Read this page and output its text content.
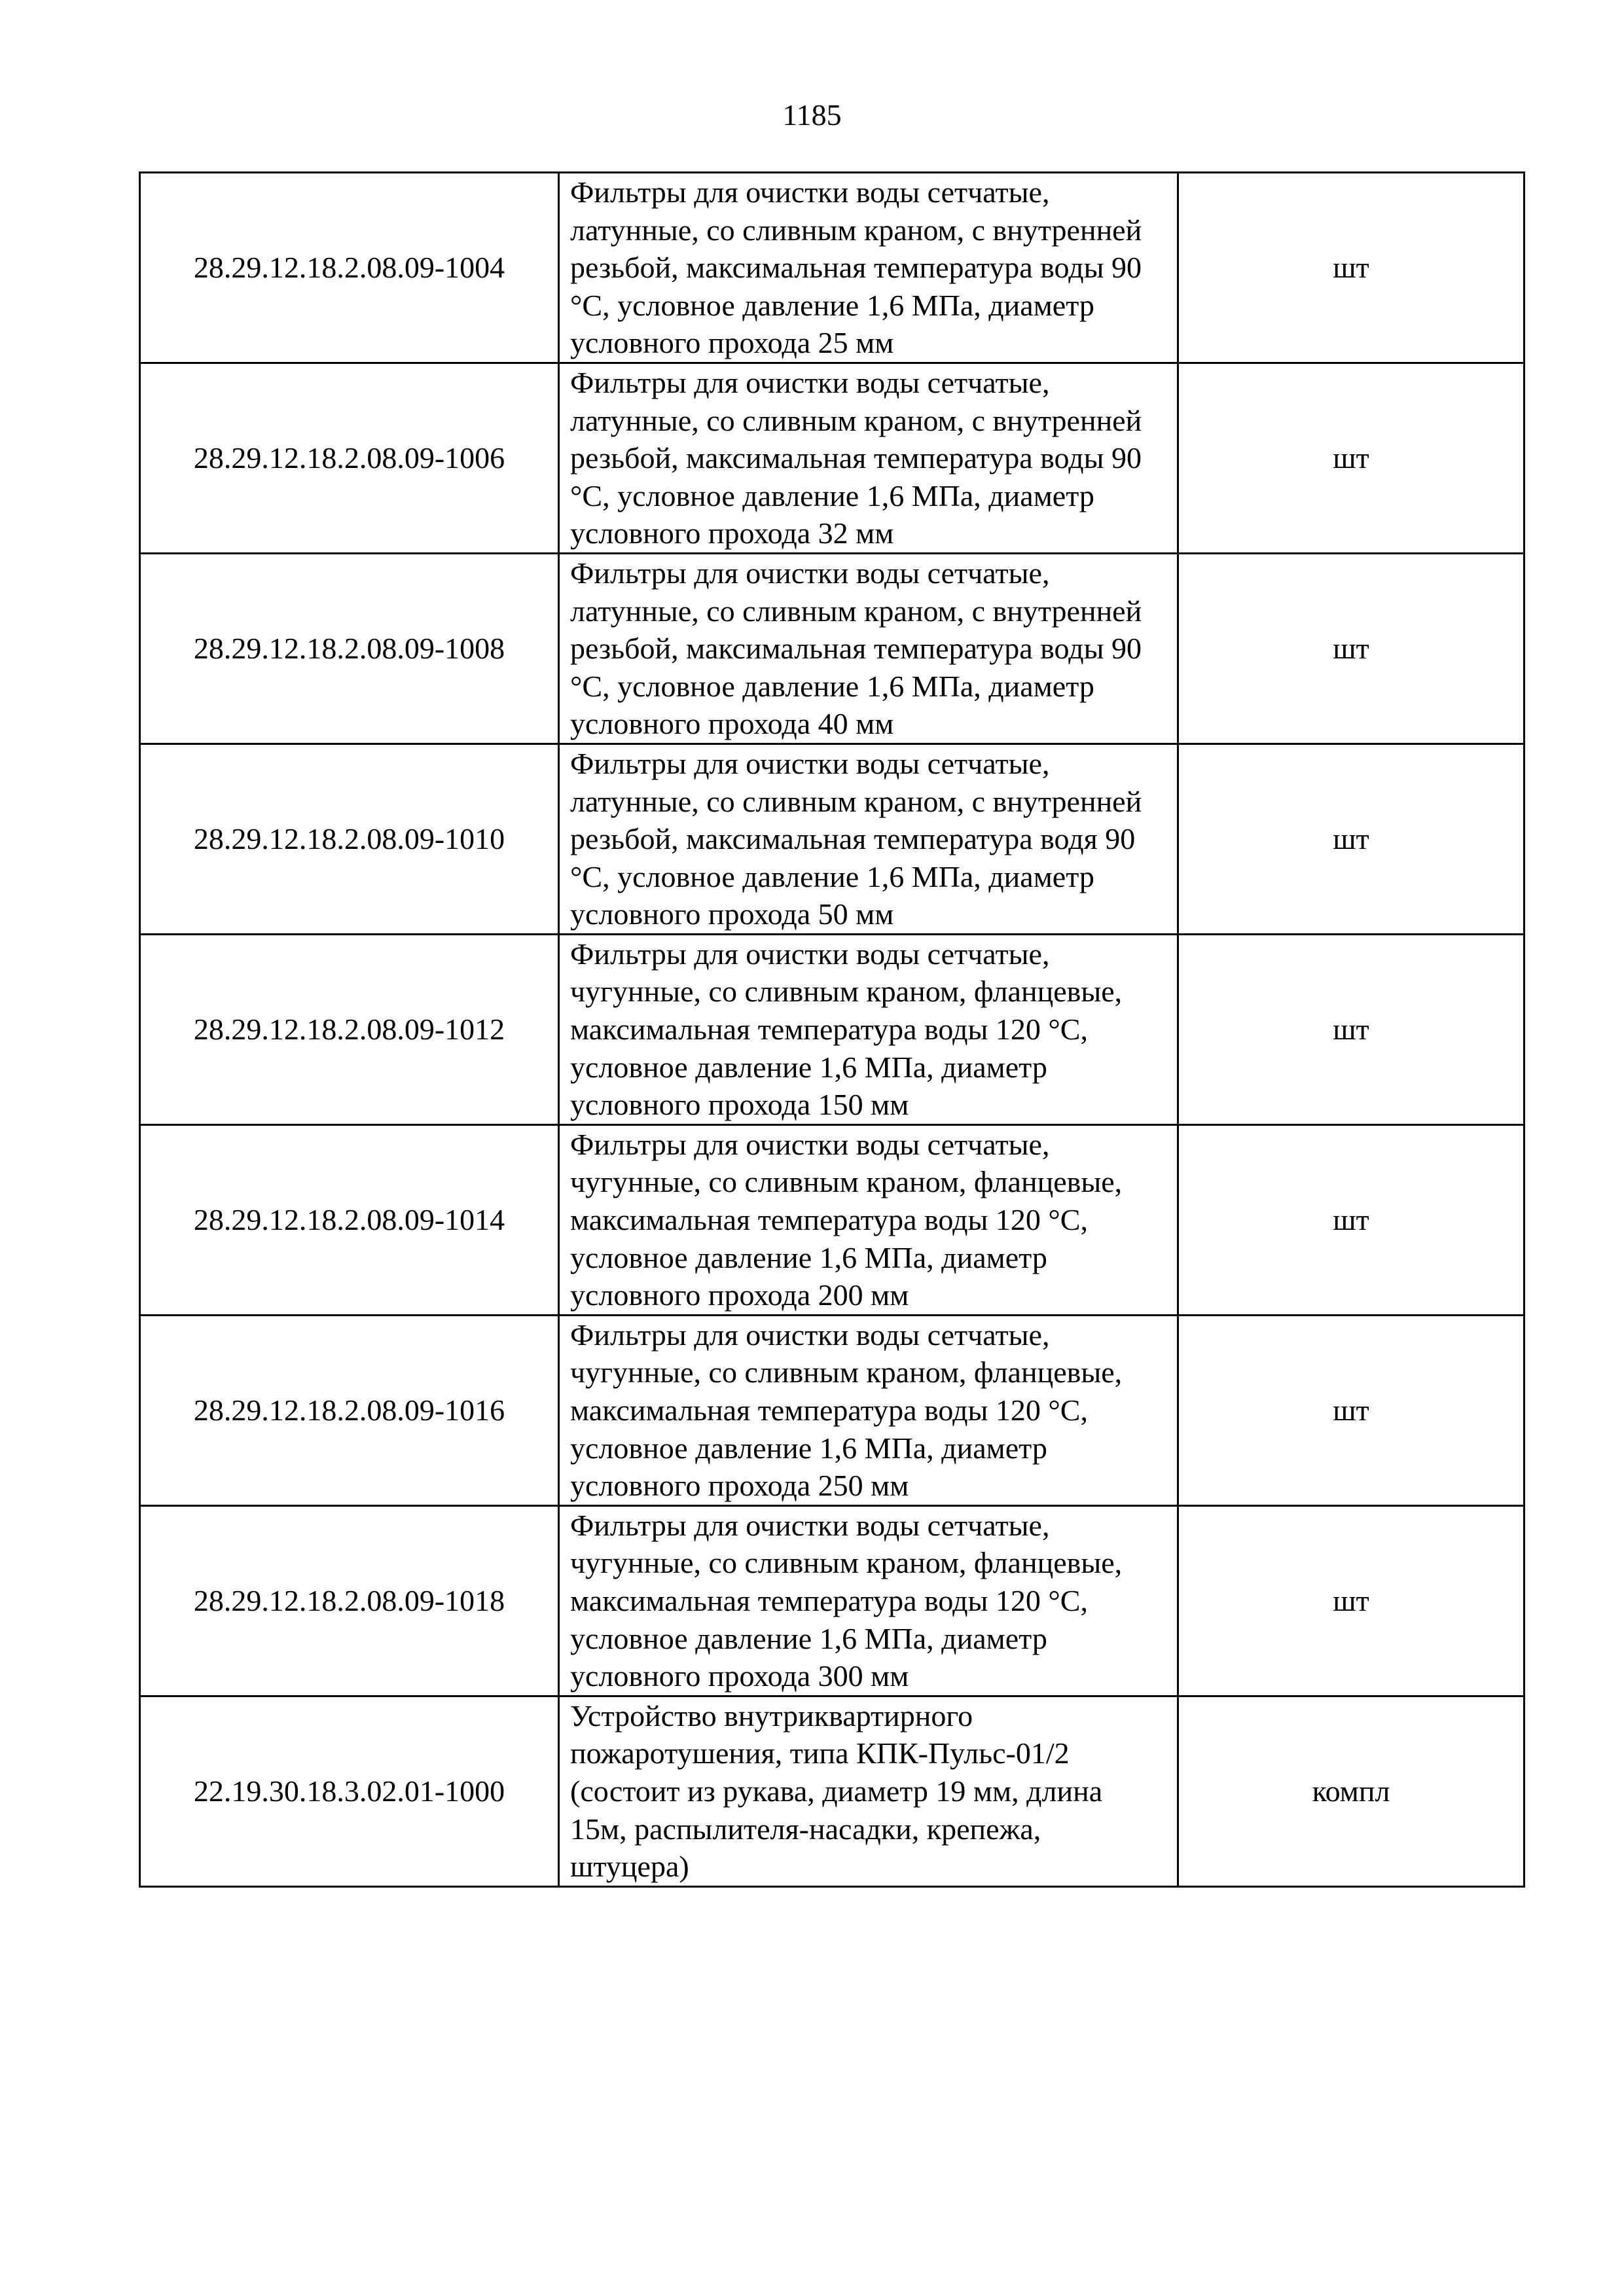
1185
28.29.12.18.2.08.09-1004	Фильтры для очистки воды сетчатые, латунные, со сливным краном, с внутренней резьбой, максимальная температура воды 90 °С, условное давление 1,6 МПа, диаметр условного прохода 25 мм	шт
28.29.12.18.2.08.09-1006	Фильтры для очистки воды сетчатые, латунные, со сливным краном, с внутренней резьбой, максимальная температура воды 90 °С, условное давление 1,6 МПа, диаметр условного прохода 32 мм	шт
28.29.12.18.2.08.09-1008	Фильтры для очистки воды сетчатые, латунные, со сливным краном, с внутренней резьбой, максимальная температура воды 90 °С, условное давление 1,6 МПа, диаметр условного прохода 40 мм	шт
28.29.12.18.2.08.09-1010	Фильтры для очистки воды сетчатые, латунные, со сливным краном, с внутренней резьбой, максимальная температура водя 90 °С, условное давление 1,6 МПа, диаметр условного прохода 50 мм	шт
28.29.12.18.2.08.09-1012	Фильтры для очистки воды сетчатые, чугунные, со сливным краном, фланцевые, максимальная температура воды 120 °С, условное давление 1,6 МПа, диаметр условного прохода 150 мм	шт
28.29.12.18.2.08.09-1014	Фильтры для очистки воды сетчатые, чугунные, со сливным краном, фланцевые, максимальная температура воды 120 °С, условное давление 1,6 МПа, диаметр условного прохода 200 мм	шт
28.29.12.18.2.08.09-1016	Фильтры для очистки воды сетчатые, чугунные, со сливным краном, фланцевые, максимальная температура воды 120 °С, условное давление 1,6 МПа, диаметр условного прохода 250 мм	шт
28.29.12.18.2.08.09-1018	Фильтры для очистки воды сетчатые, чугунные, со сливным краном, фланцевые, максимальная температура воды 120 °С, условное давление 1,6 МПа, диаметр условного прохода 300 мм	шт
22.19.30.18.3.02.01-1000	Устройство внутриквартирного пожаротушения, типа КПК-Пульс-01/2 (состоит из рукава, диаметр 19 мм, длина 15м, распылителя-насадки, крепежа, штуцера)	компл
